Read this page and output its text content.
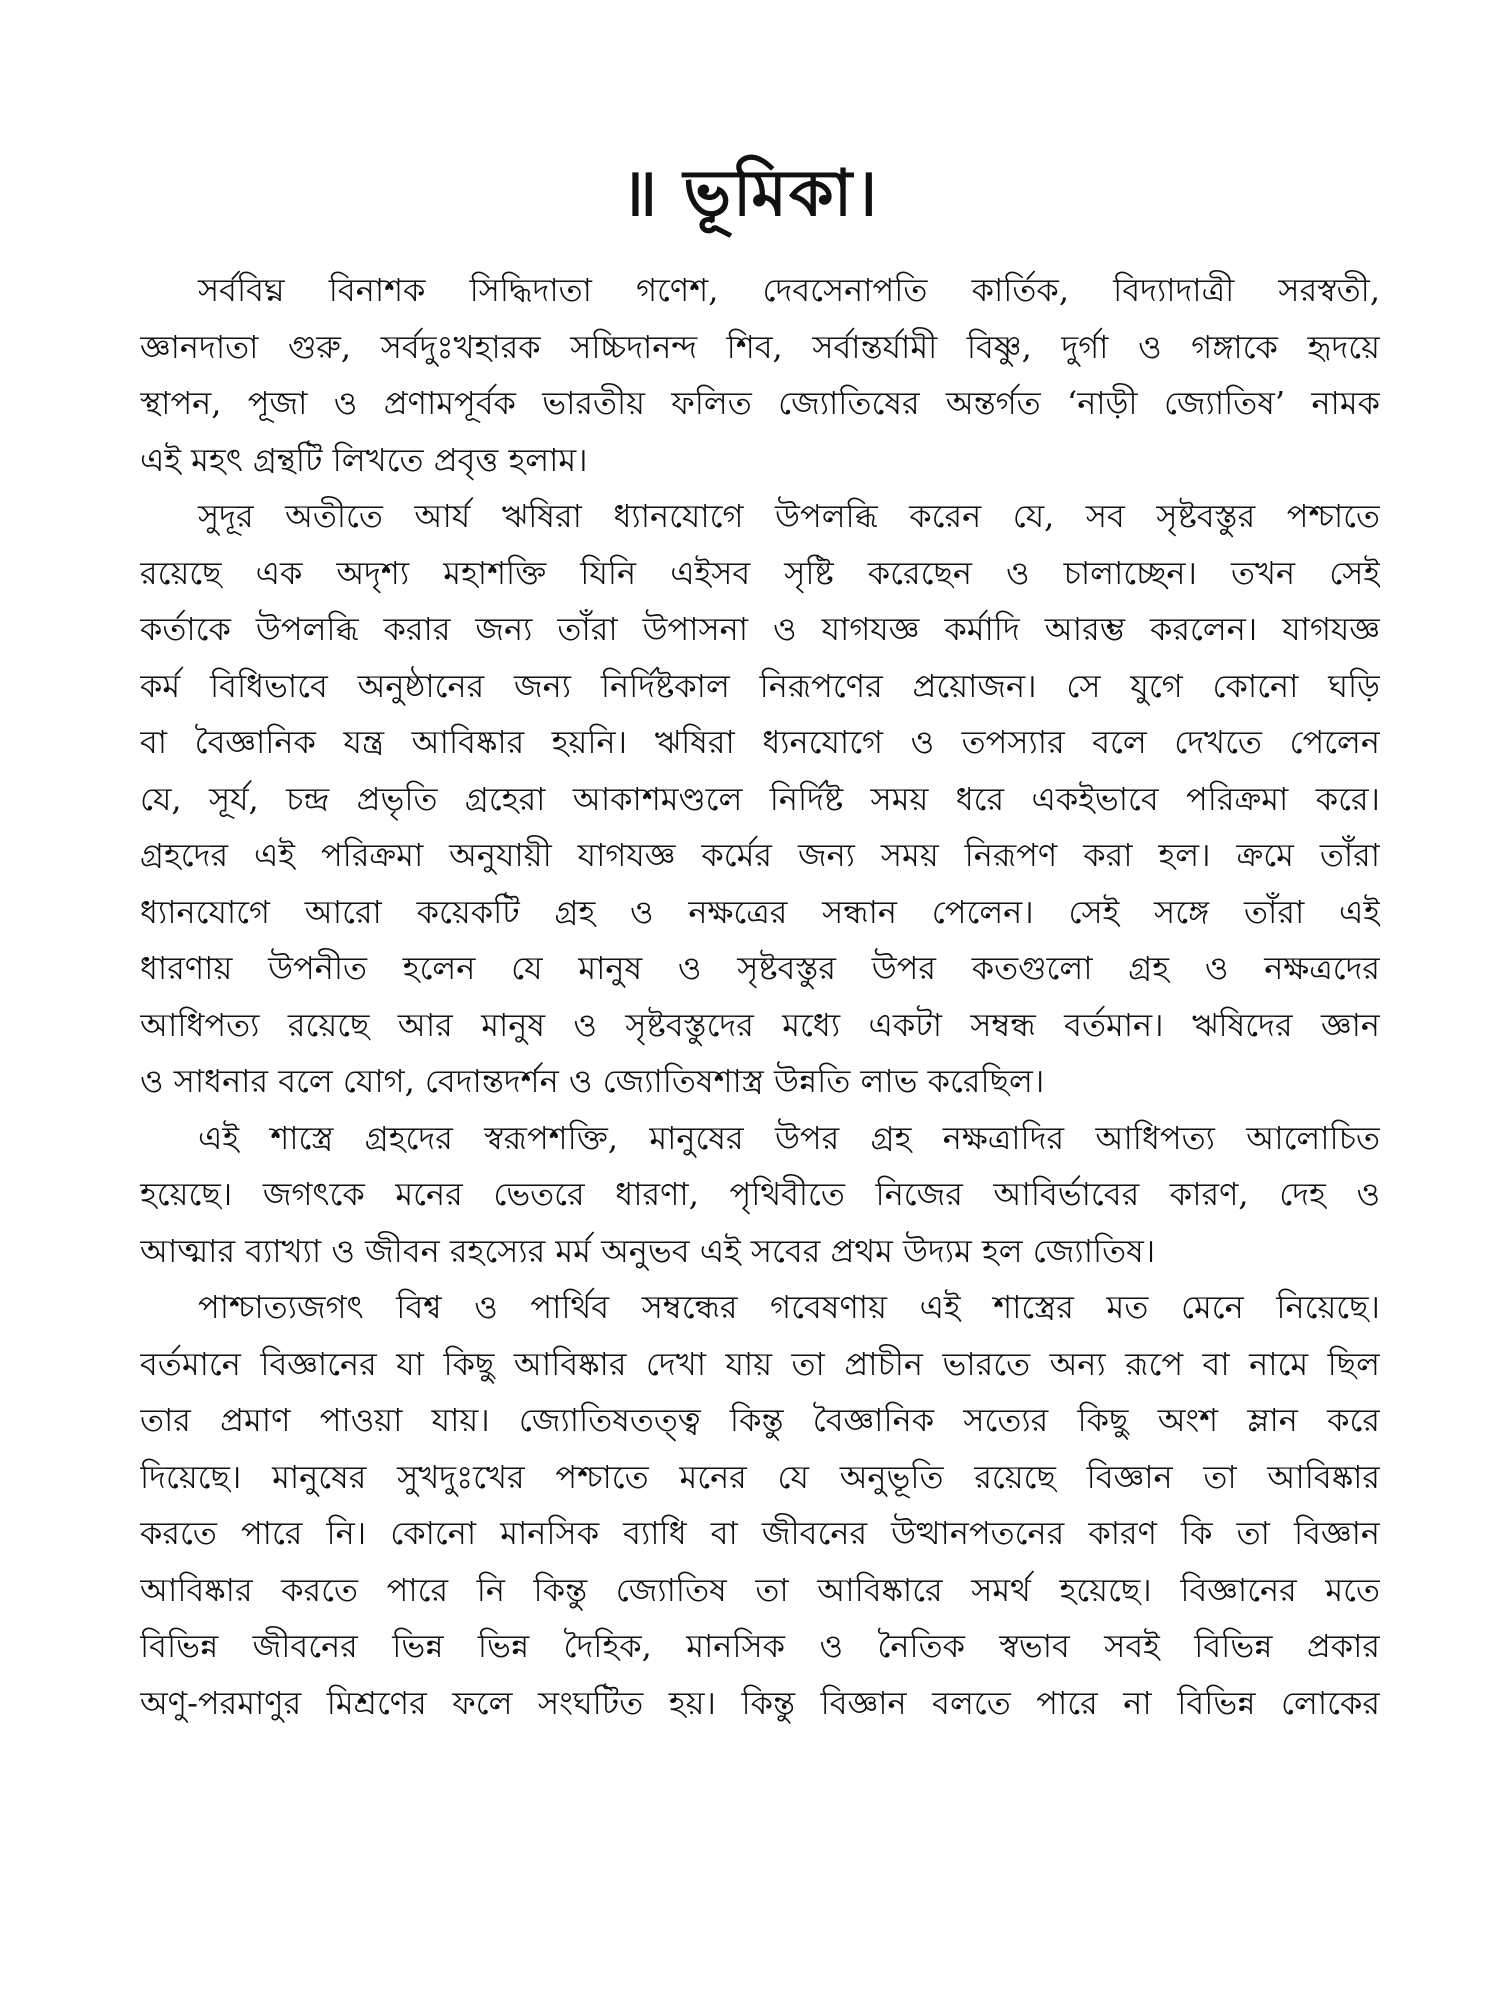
॥ ভূমিকা।
সর্ববিঘ্ন বিনাশক সিদ্ধিদাতা গণেশ, দেবসেনাপতি কার্তিক, বিদ্যাদাত্রী সরস্বতী,
জ্ঞানদাতা গুরু, সর্বদুঃখহারক সচ্চিদানন্দ শিব, সর্বান্তর্যামী বিষ্ণু, দুর্গা ও গঙ্গাকে হৃদয়ে
স্থাপন, পূজা ও প্রণামপূর্বক ভারতীয় ফলিত জ্যোতিষের অন্তর্গত ‘নাড়ী জ্যোতিষ’ নামক
এই মহৎ গ্রন্থটি লিখতে প্রবৃত্ত হলাম।
সুদূর অতীতে আর্য ঋষিরা ধ্যানযোগে উপলব্ধি করেন যে, সব সৃষ্টবস্তুর পশ্চাতে
রয়েছে এক অদৃশ্য মহাশক্তি যিনি এইসব সৃষ্টি করেছেন ও চালাচ্ছেন। তখন সেই
কর্তাকে উপলব্ধি করার জন্য তাঁরা উপাসনা ও যাগযজ্ঞ কর্মাদি আরম্ভ করলেন। যাগযজ্ঞ
কর্ম বিধিভাবে অনুষ্ঠানের জন্য নির্দিষ্টকাল নিরূপণের প্রয়োজন। সে যুগে কোনো ঘড়ি
বা বৈজ্ঞানিক যন্ত্র আবিষ্কার হয়নি। ঋষিরা ধ্যনযোগে ও তপস্যার বলে দেখতে পেলেন
যে, সূর্য, চন্দ্র প্রভৃতি গ্রহেরা আকাশমণ্ডলে নির্দিষ্ট সময় ধরে একইভাবে পরিক্রমা করে।
গ্রহদের এই পরিক্রমা অনুযায়ী যাগযজ্ঞ কর্মের জন্য সময় নিরূপণ করা হল। ক্রমে তাঁরা
ধ্যানযোগে আরো কয়েকটি গ্রহ ও নক্ষত্রের সন্ধান পেলেন। সেই সঙ্গে তাঁরা এই
ধারণায় উপনীত হলেন যে মানুষ ও সৃষ্টবস্তুর উপর কতগুলো গ্রহ ও নক্ষত্রদের
আধিপত্য রয়েছে আর মানুষ ও সৃষ্টবস্তুদের মধ্যে একটা সম্বন্ধ বর্তমান। ঋষিদের জ্ঞান
ও সাধনার বলে যোগ, বেদান্তদর্শন ও জ্যোতিষশাস্ত্র উন্নতি লাভ করেছিল।
এই শাস্ত্রে গ্রহদের স্বরূপশক্তি, মানুষের উপর গ্রহ নক্ষত্রাদির আধিপত্য আলোচিত
হয়েছে। জগৎকে মনের ভেতরে ধারণা, পৃথিবীতে নিজের আবির্ভাবের কারণ, দেহ ও
আত্মার ব্যাখ্যা ও জীবন রহস্যের মর্ম অনুভব এই সবের প্রথম উদ্যম হল জ্যোতিষ।
পাশ্চাত্যজগৎ বিশ্ব ও পার্থিব সম্বন্ধের গবেষণায় এই শাস্ত্রের মত মেনে নিয়েছে।
বর্তমানে বিজ্ঞানের যা কিছু আবিষ্কার দেখা যায় তা প্রাচীন ভারতে অন্য রূপে বা নামে ছিল
তার প্রমাণ পাওয়া যায়। জ্যোতিষতত্ত্ব কিন্তু বৈজ্ঞানিক সত্যের কিছু অংশ ম্লান করে
দিয়েছে। মানুষের সুখদুঃখের পশ্চাতে মনের যে অনুভূতি রয়েছে বিজ্ঞান তা আবিষ্কার
করতে পারে নি। কোনো মানসিক ব্যাধি বা জীবনের উত্থানপতনের কারণ কি তা বিজ্ঞান
আবিষ্কার করতে পারে নি কিন্তু জ্যোতিষ তা আবিষ্কারে সমর্থ হয়েছে। বিজ্ঞানের মতে
বিভিন্ন জীবনের ভিন্ন ভিন্ন দৈহিক, মানসিক ও নৈতিক স্বভাব সবই বিভিন্ন প্রকার
অণু-পরমাণুর মিশ্রণের ফলে সংঘটিত হয়। কিন্তু বিজ্ঞান বলতে পারে না বিভিন্ন লোকের
